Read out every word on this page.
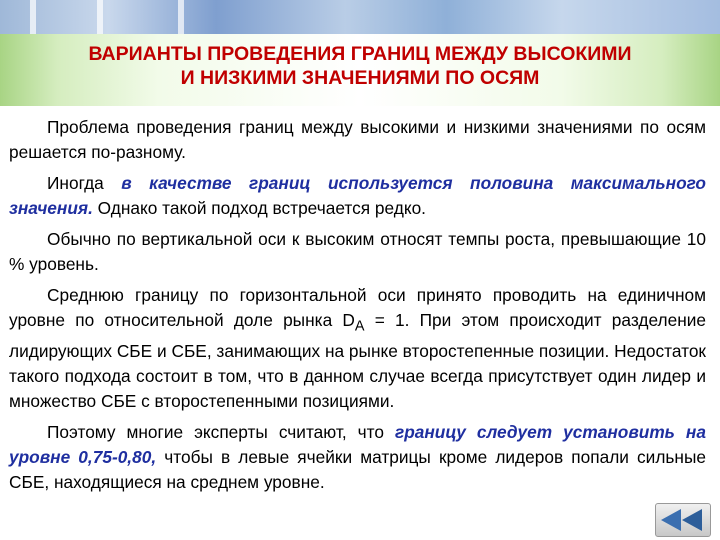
ВАРИАНТЫ ПРОВЕДЕНИЯ ГРАНИЦ МЕЖДУ ВЫСОКИМИ
И НИЗКИМИ ЗНАЧЕНИЯМИ ПО ОСЯМ

Проблема проведения границ между высокими и низкими значениями по осям решается по-разному.

Иногда в качестве границ используется половина максимального значения. Однако такой подход встречается редко.

Обычно по вертикальной оси к высоким относят темпы роста, превышающие 10 % уровень.

Среднюю границу по горизонтальной оси принято проводить на единичном уровне по относительной доле рынка $D_A = 1$. При этом происходит разделение лидирующих СБЕ и СБЕ, занимающих на рынке второстепенные позиции. Недостаток такого подхода состоит в том, что в данном случае всегда присутствует один лидер и множество СБЕ с второстепенными позициями.

Поэтому многие эксперты считают, что границу следует установить на уровне 0,75-0,80, чтобы в левые ячейки матрицы кроме лидеров попали сильные СБЕ, находящиеся на среднем уровне.
